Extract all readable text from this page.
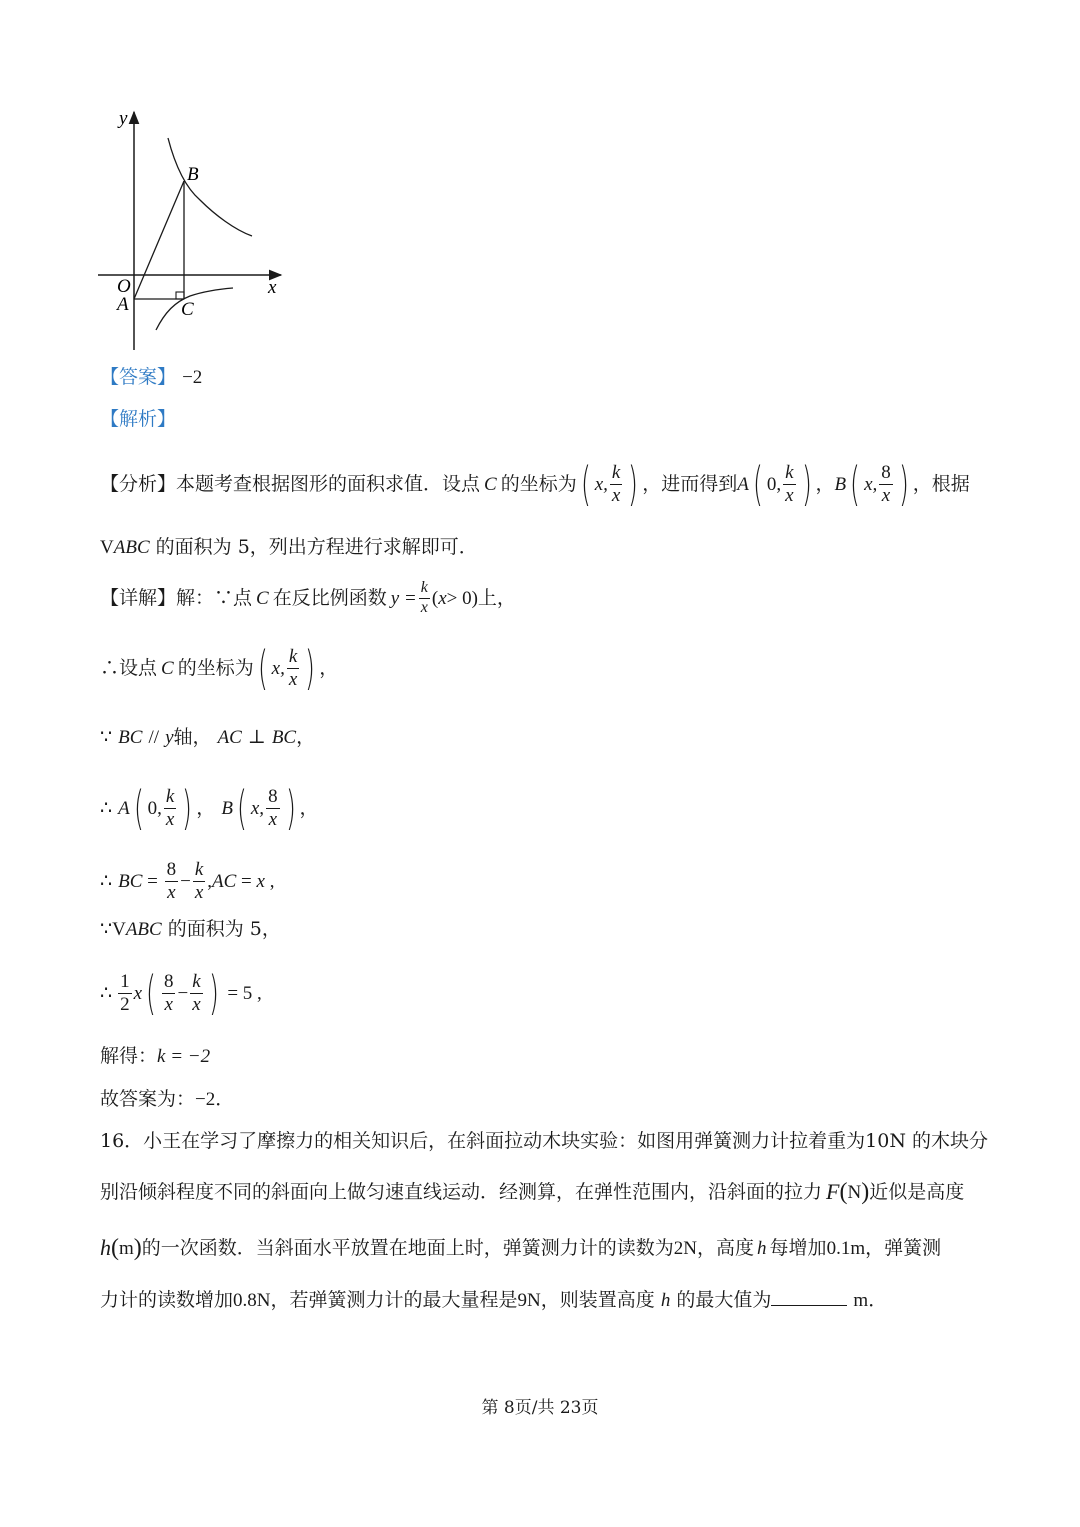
y
x
O
A
B
C
【答案】 −2
【解析】
【分析】 本题考查根据图形的面积求值．设点 C 的坐标为 ( x, $\frac{k}{x}$ ) ，进而得到 A ( 0, $\frac{k}{x}$ ) ， B ( x, $\frac{8}{x}$ ) ，根据
VABC 的面积为 5，列出方程进行求解即可．
【详解】 解：∵点 C 在反比例函数 $y = \frac{k}{x}$ ( x > 0) 上，
∴设点 C 的坐标为 ( x, $\frac{k}{x}$ ) ，
∵ BC // y轴， AC ⊥ BC，
∴ A ( 0, $\frac{k}{x}$ ) ， B ( x, $\frac{8}{x}$ ) ，
∴ BC = $\frac{8}{x} - \frac{k}{x}$ , AC = x ,
∵VABC 的面积为 5，
∴ $\frac{1}{2}$ x ( $\frac{8}{x} - \frac{k}{x}$ ) = 5 ,
解得：k = −2
故答案为：−2．
16．小王在学习了摩擦力的相关知识后，在斜面拉动木块实验：如图用弹簧测力计拉着重为10N 的木块分
别沿倾斜程度不同的斜面向上做匀速直线运动．经测算，在弹性范围内，沿斜面的拉力 F ( N ) 近似是高度
h ( m ) 的一次函数．当斜面水平放置在地面上时，弹簧测力计的读数为 2N ，高度 h 每增加 0.1m ，弹簧测
力计的读数增加0.8N，若弹簧测力计的最大量程是9N，则装置高度 h 的最大值为	m．
第 8页/共 23页
